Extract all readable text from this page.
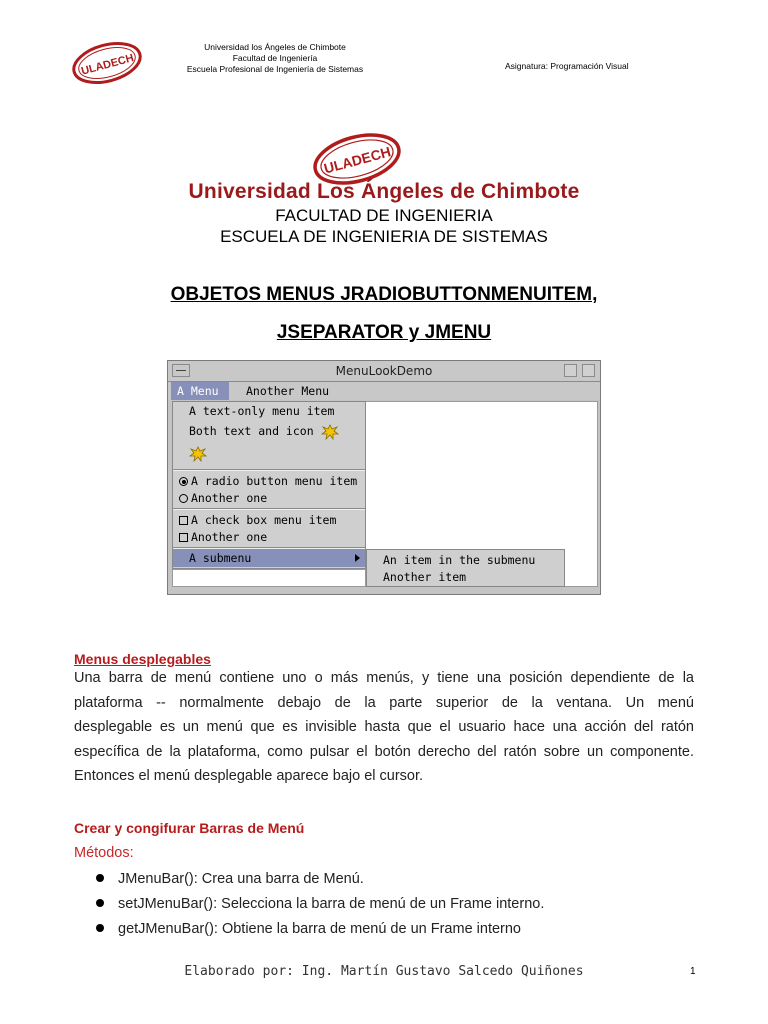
ULADECH
Universidad los Ángeles de Chimbote
Facultad de Ingeniería
Escuela Profesional de Ingeniería de Sistemas	Asignatura: Programación Visual
ULADECH
Universidad Los Ángeles de Chimbote
FACULTAD DE INGENIERIA
ESCUELA DE INGENIERIA DE SISTEMAS
OBJETOS MENUS JRADIOBUTTONMENUITEM,
JSEPARATOR y JMENU
MenuLookDemo
A Menu	Another Menu
A text-only menu item
Both text and icon
A radio button menu item
Another one
A check box menu item
Another one
A submenu	An item in the submenu
Another item
Menus desplegables
Una barra de menú contiene uno o más menús, y tiene una posición dependiente de la
plataforma -- normalmente debajo de la parte superior de la ventana. Un menú
desplegable es un menú que es invisible hasta que el usuario hace una acción del ratón
específica de la plataforma, como pulsar el botón derecho del ratón sobre un componente.
Entonces el menú desplegable aparece bajo el cursor.
Crear y congifurar Barras de Menú
Métodos:
JMenuBar(): Crea una barra de Menú.
setJMenuBar(): Selecciona la barra de menú de un Frame interno.
getJMenuBar(): Obtiene la barra de menú de un Frame interno
Elaborado por: Ing. Martín Gustavo Salcedo Quiñones	1
